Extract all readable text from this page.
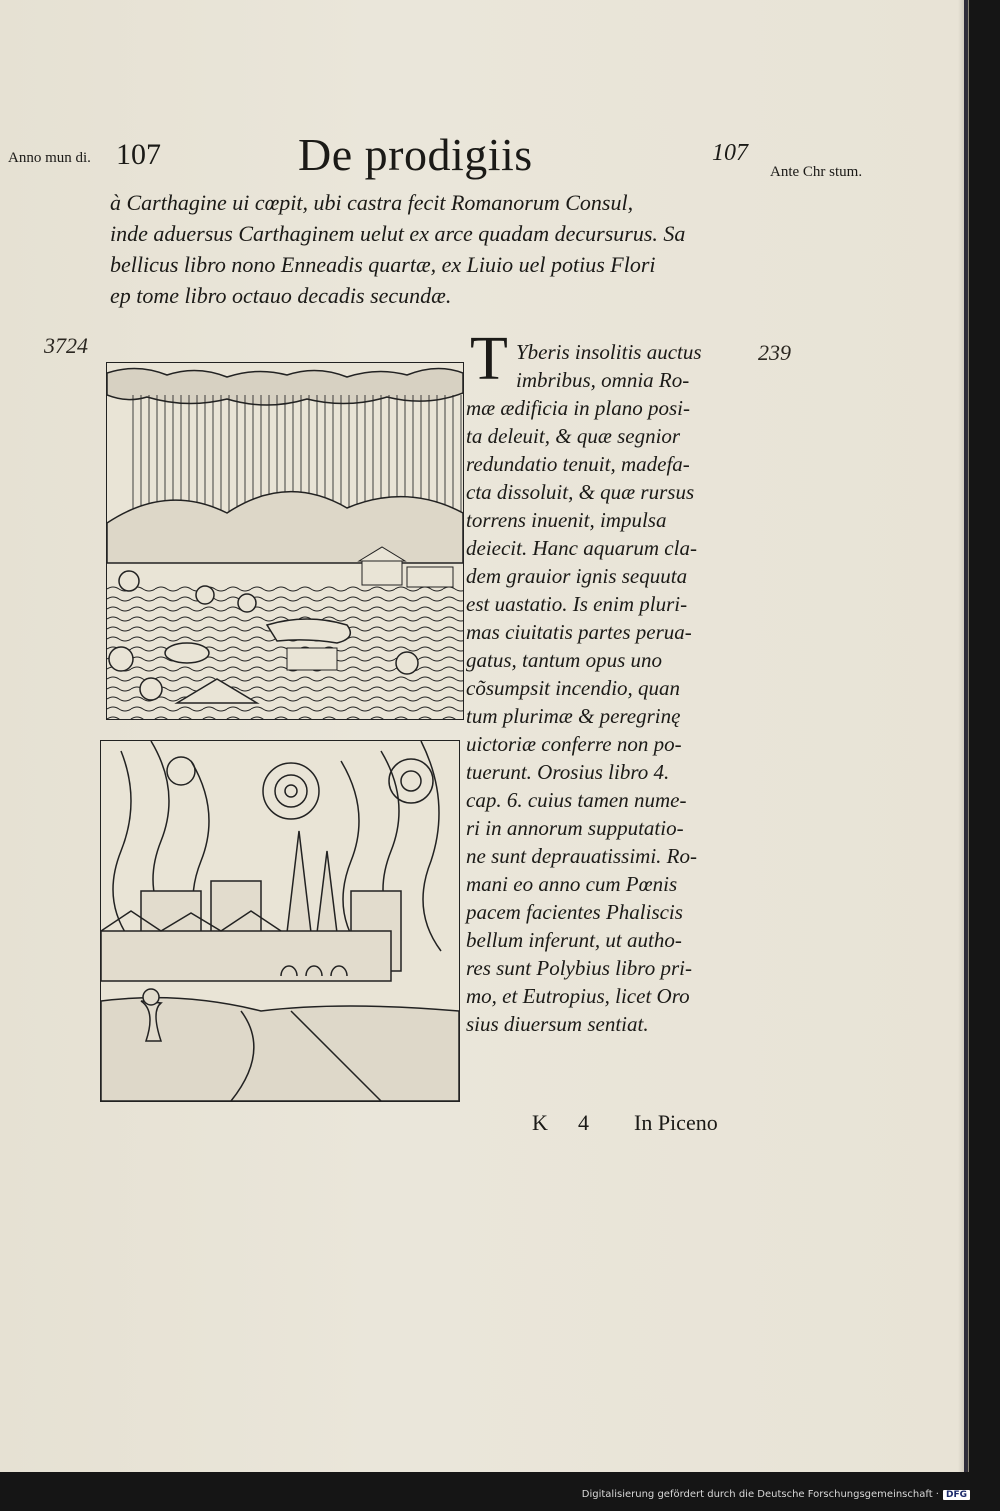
Anno mun di. 107	De prodigiis	107
Ante Chr stum.
à Carthagine ui cœpit, ubi castra fecit Romanorum Consul,
inde aduersus Carthaginem uelut ex arce quadam decursurus. Sa
bellicus libro nono Enneadis quartæ, ex Liuio uel potius Flori
ep tome libro octauo decadis secundæ.
3724	239
T Yberis insolitis auctus
imbribus, omnia Ro-
mæ ædificia in plano posi-
ta deleuit, & quæ segnior
redundatio tenuit, madefa-
cta dissoluit, & quæ rursus
torrens inuenit, impulsa
deiecit. Hanc aquarum cla-
dem grauior ignis sequuta
est uastatio. Is enim pluri-
mas ciuitatis partes perua-
gatus, tantum opus uno
cõsumpsit incendio, quan
tum plurimæ & peregrinę
uictoriæ conferre non po-
tuerunt. Orosius libro 4.
cap. 6. cuius tamen nume-
ri in annorum supputatio-
ne sunt deprauatissimi. Ro-
mani eo anno cum Pœnis
pacem facientes Phaliscis
bellum inferunt, ut autho-
res sunt Polybius libro pri-
mo, et Eutropius, licet Oro
sius diuersum sentiat.
K 4 In Piceno
Digitalisierung gefördert durch die Deutsche Forschungsgemeinschaft · DFG
